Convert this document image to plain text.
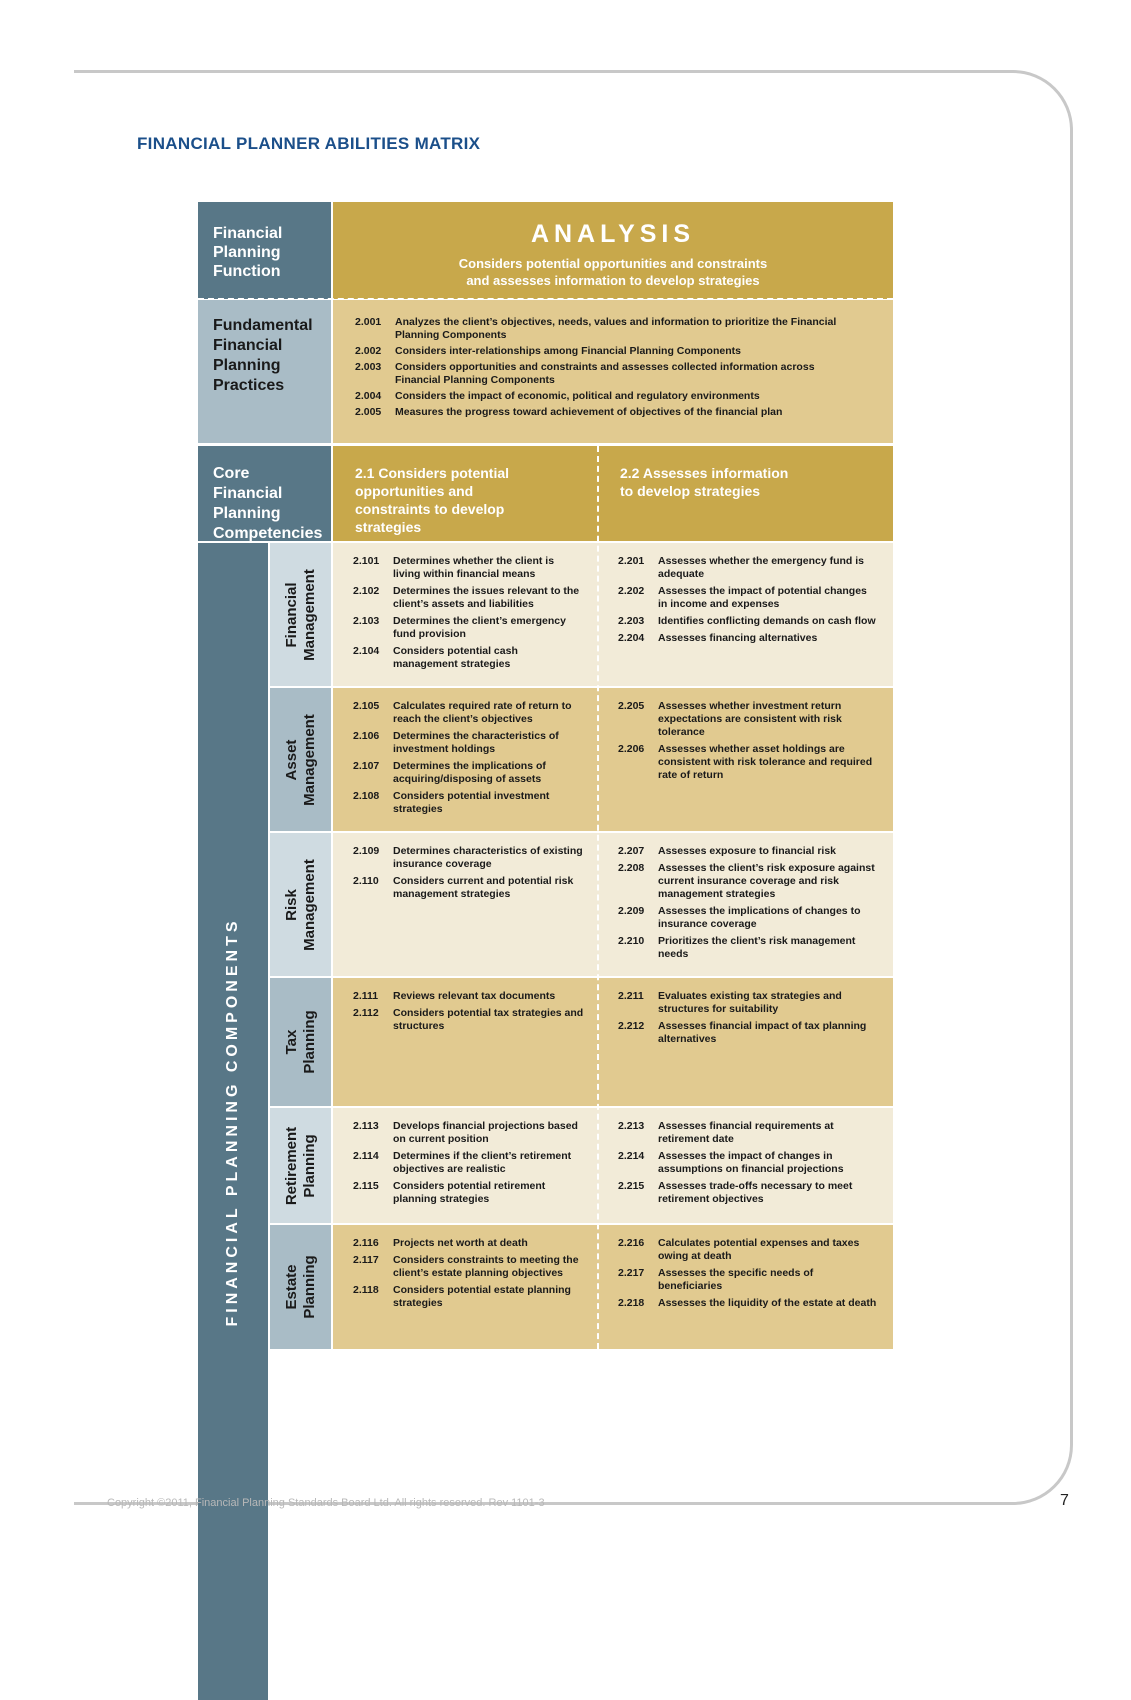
FINANCIAL PLANNER ABILITIES MATRIX
Financial Planning Function
ANALYSIS
Considers potential opportunities and constraints and assesses information to develop strategies
Fundamental Financial Planning Practices
2.001	Analyzes the client’s objectives, needs, values and information to prioritize the Financial Planning Components
2.002	Considers inter-relationships among Financial Planning Components
2.003	Considers opportunities and constraints and assesses collected information across Financial Planning Components
2.004	Considers the impact of economic, political and regulatory environments
2.005	Measures the progress toward achievement of objectives of the financial plan
Core Financial Planning Competencies
2.1 Considers potential opportunities and constraints to develop strategies
2.2 Assesses information to develop strategies
FINANCIAL PLANNING COMPONENTS
Financial
Management
2.101	Determines whether the client is living within financial means
2.102	Determines the issues relevant to the client’s assets and liabilities
2.103	Determines the client’s emergency fund provision
2.104	Considers potential cash management strategies
2.201	Assesses whether the emergency fund is adequate
2.202	Assesses the impact of potential changes in income and expenses
2.203	Identifies conflicting demands on cash flow
2.204	Assesses financing alternatives
Asset
Management
2.105	Calculates required rate of return to reach the client’s objectives
2.106	Determines the characteristics of investment holdings
2.107	Determines the implications of acquiring/disposing of assets
2.108	Considers potential investment strategies
2.205	Assesses whether investment return expectations are consistent with risk tolerance
2.206	Assesses whether asset holdings are consistent with risk tolerance and required rate of return
Risk
Management
2.109	Determines characteristics of existing insurance coverage
2.110	Considers current and potential risk management strategies
2.207	Assesses exposure to financial risk
2.208	Assesses the client’s risk exposure against current insurance coverage and risk management strategies
2.209	Assesses the implications of changes to insurance coverage
2.210	Prioritizes the client’s risk management needs
Tax
Planning
2.111	Reviews relevant tax documents
2.112	Considers potential tax strategies and structures
2.211	Evaluates existing tax strategies and structures for suitability
2.212	Assesses financial impact of tax planning alternatives
Retirement
Planning
2.113	Develops financial projections based on current position
2.114	Determines if the client’s retirement objectives are realistic
2.115	Considers potential retirement planning strategies
2.213	Assesses financial requirements at retirement date
2.214	Assesses the impact of changes in assumptions on financial projections
2.215	Assesses trade-offs necessary to meet retirement objectives
Estate
Planning
2.116	Projects net worth at death
2.117	Considers constraints to meeting the client’s estate planning objectives
2.118	Considers potential estate planning strategies
2.216	Calculates potential expenses and taxes owing at death
2.217	Assesses the specific needs of beneficiaries
2.218	Assesses the liquidity of the estate at death
Copyright ©2011, Financial Planning Standards Board Ltd. All rights reserved. Rev 1101-3	7
